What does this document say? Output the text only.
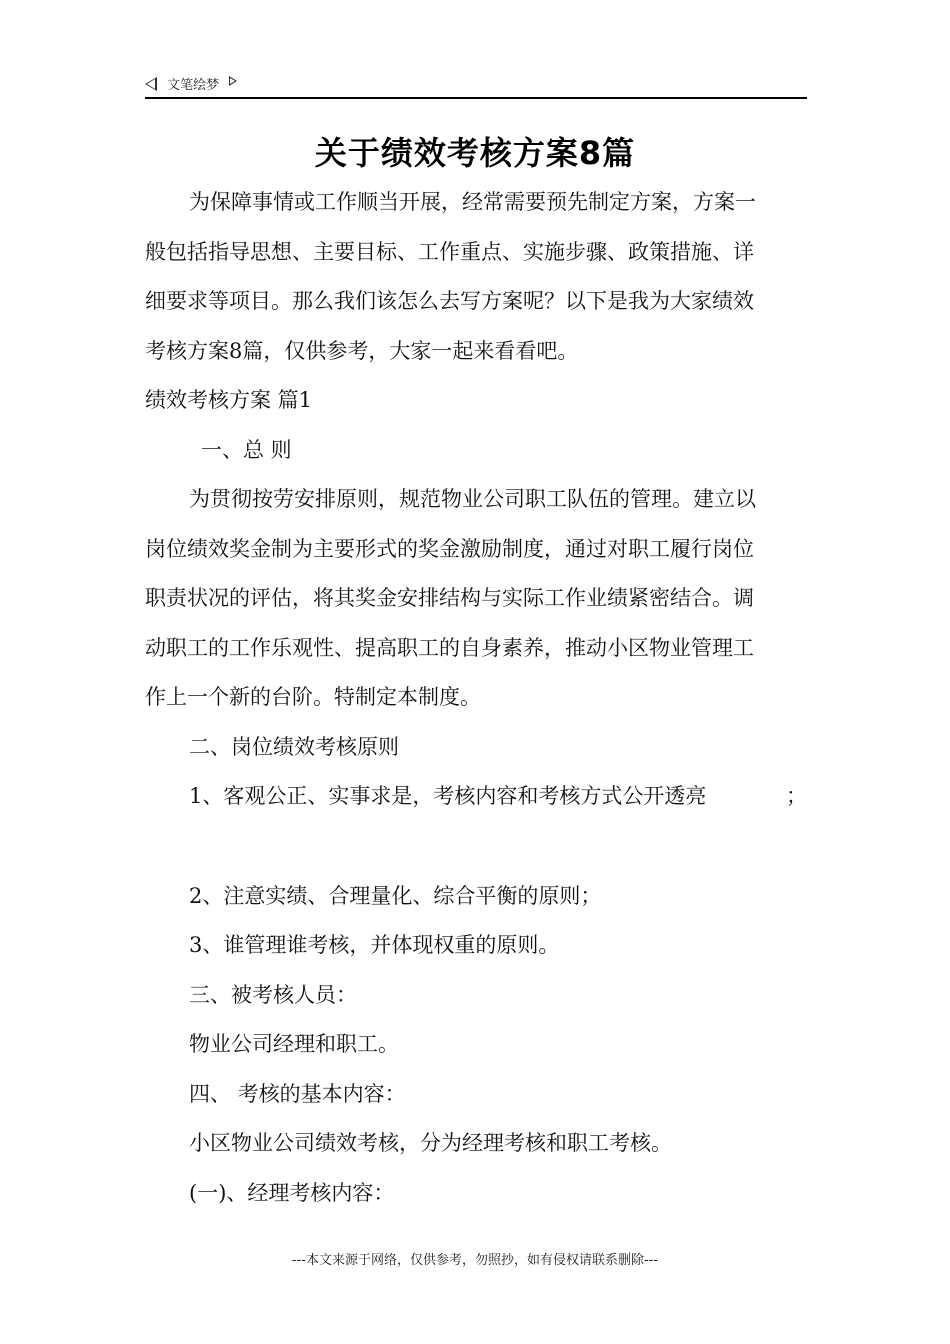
文笔绘梦
关于绩效考核方案8篇

为保障事情或工作顺当开展，经常需要预先制定方案，方案一

般包括指导思想、主要目标、工作重点、实施步骤、政策措施、详

细要求等项目。那么我们该怎么去写方案呢？以下是我为大家绩效

考核方案8篇，仅供参考，大家一起来看看吧。

绩效考核方案 篇1

一、总 则

为贯彻按劳安排原则，规范物业公司职工队伍的管理。建立以

岗位绩效奖金制为主要形式的奖金激励制度，通过对职工履行岗位

职责状况的评估，将其奖金安排结构与实际工作业绩紧密结合。调

动职工的工作乐观性、提高职工的自身素养，推动小区物业管理工

作上一个新的台阶。特制定本制度。

二、岗位绩效考核原则

1、客观公正、实事求是，考核内容和考核方式公开透亮	；

2、注意实绩、合理量化、综合平衡的原则；

3、谁管理谁考核，并体现权重的原则。

三、被考核人员：

物业公司经理和职工。

四、 考核的基本内容：

小区物业公司绩效考核，分为经理考核和职工考核。

(一)、经理考核内容：

---本文来源于网络，仅供参考，勿照抄，如有侵权请联系删除---
